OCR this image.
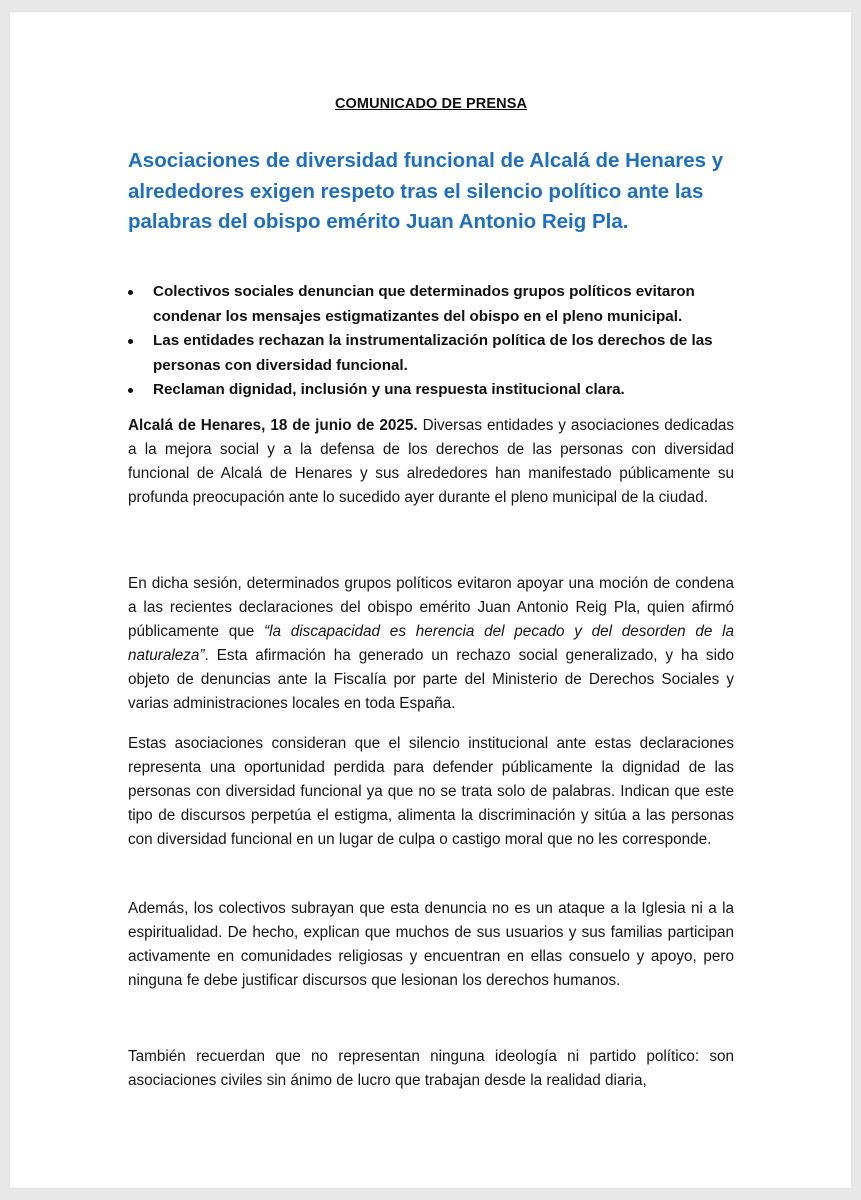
COMUNICADO DE PRENSA
Asociaciones de diversidad funcional de Alcalá de Henares y alrededores exigen respeto tras el silencio político ante las palabras del obispo emérito Juan Antonio Reig Pla.
Colectivos sociales denuncian que determinados grupos políticos evitaron condenar los mensajes estigmatizantes del obispo en el pleno municipal.
Las entidades rechazan la instrumentalización política de los derechos de las personas con diversidad funcional.
Reclaman dignidad, inclusión y una respuesta institucional clara.

Alcalá de Henares, 18 de junio de 2025. Diversas entidades y asociaciones dedicadas a la mejora social y a la defensa de los derechos de las personas con diversidad funcional de Alcalá de Henares y sus alrededores han manifestado públicamente su profunda preocupación ante lo sucedido ayer durante el pleno municipal de la ciudad.

En dicha sesión, determinados grupos políticos evitaron apoyar una moción de condena a las recientes declaraciones del obispo emérito Juan Antonio Reig Pla, quien afirmó públicamente que “la discapacidad es herencia del pecado y del desorden de la naturaleza”. Esta afirmación ha generado un rechazo social generalizado, y ha sido objeto de denuncias ante la Fiscalía por parte del Ministerio de Derechos Sociales y varias administraciones locales en toda España.

Estas asociaciones consideran que el silencio institucional ante estas declaraciones representa una oportunidad perdida para defender públicamente la dignidad de las personas con diversidad funcional ya que no se trata solo de palabras. Indican que este tipo de discursos perpetúa el estigma, alimenta la discriminación y sitúa a las personas con diversidad funcional en un lugar de culpa o castigo moral que no les corresponde.

Además, los colectivos subrayan que esta denuncia no es un ataque a la Iglesia ni a la espiritualidad. De hecho, explican que muchos de sus usuarios y sus familias participan activamente en comunidades religiosas y encuentran en ellas consuelo y apoyo, pero ninguna fe debe justificar discursos que lesionan los derechos humanos.

También recuerdan que no representan ninguna ideología ni partido político: son asociaciones civiles sin ánimo de lucro que trabajan desde la realidad diaria,
